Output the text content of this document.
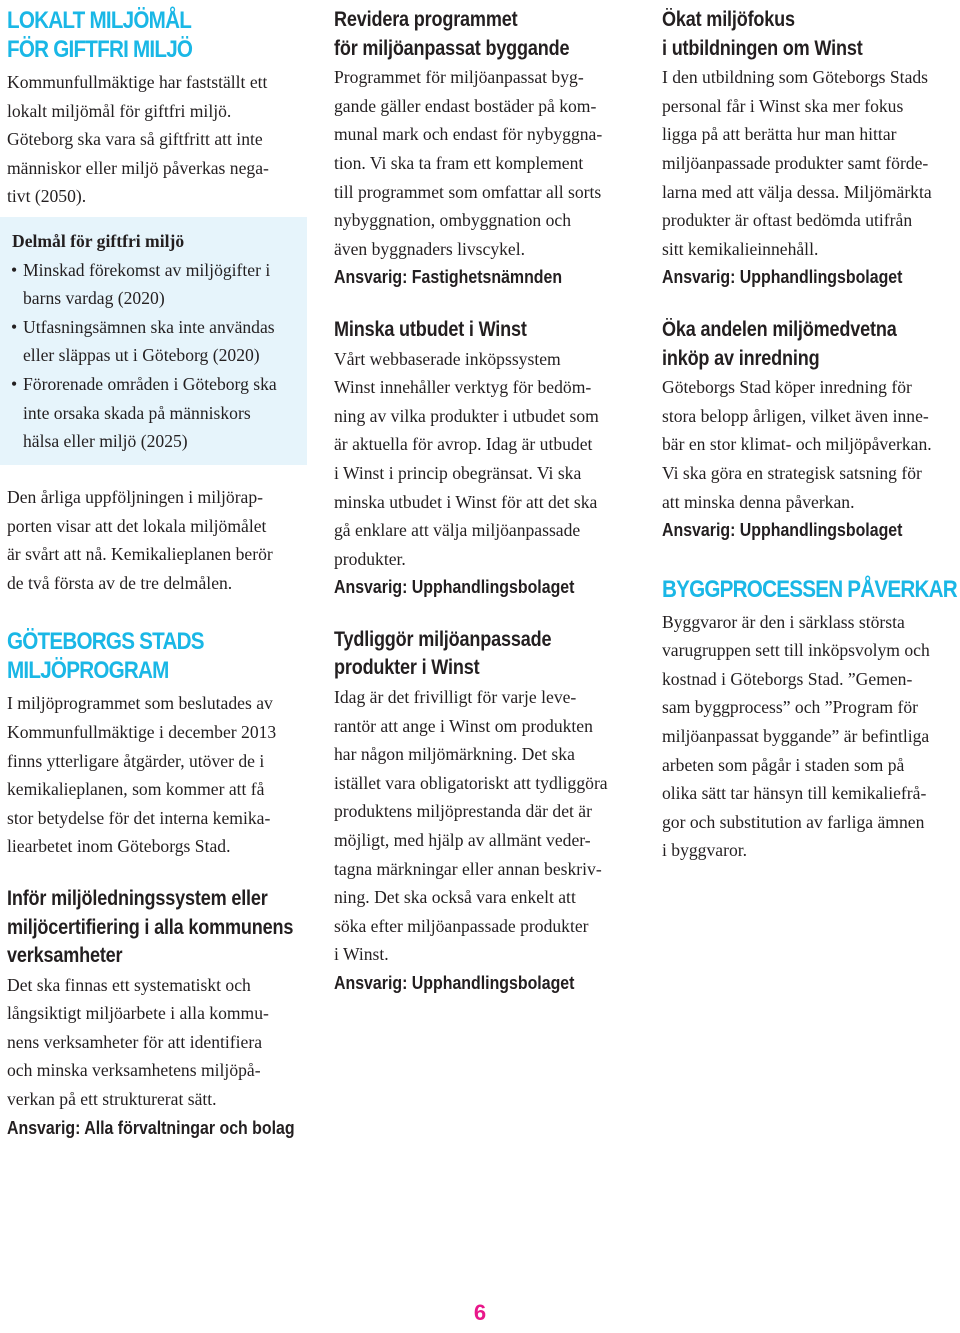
LOKALT MILJÖMÅL
FÖR GIFTFRI MILJÖ
Kommunfullmäktige har fastställt ett
lokalt miljömål för giftfri miljö.
Göteborg ska vara så giftfritt att inte
människor eller miljö påverkas nega-
tivt (2050).
Delmål för giftfri miljö
• Minskad förekomst av miljögifter i
barns vardag (2020)
• Utfasningsämnen ska inte användas
eller släppas ut i Göteborg (2020)
• Förorenade områden i Göteborg ska
inte orsaka skada på människors
hälsa eller miljö (2025)
Den årliga uppföljningen i miljörap-
porten visar att det lokala miljömålet
är svårt att nå. Kemikalieplanen berör
de två första av de tre delmålen.
GÖTEBORGS STADS MILJÖPROGRAM
I miljöprogrammet som beslutades av
Kommunfullmäktige i december 2013
finns ytterligare åtgärder, utöver de i
kemikalieplanen, som kommer att få
stor betydelse för det interna kemika-
liearbetet inom Göteborgs Stad.
Inför miljöledningssystem eller
miljöcertifiering i alla kommunens
verksamheter
Det ska finnas ett systematiskt och
långsiktigt miljöarbete i alla kommu-
nens verksamheter för att identifiera
och minska verksamhetens miljöpå-
verkan på ett strukturerat sätt.
Ansvarig: Alla förvaltningar och bolag
Revidera programmet
för miljöanpassat byggande
Programmet för miljöanpassat byg-
gande gäller endast bostäder på kom-
munal mark och endast för nybyggna-
tion. Vi ska ta fram ett komplement
till programmet som omfattar all sorts
nybyggnation, ombyggnation och
även byggnaders livscykel.
Ansvarig: Fastighetsnämnden
Minska utbudet i Winst
Vårt webbaserade inköpssystem
Winst innehåller verktyg för bedöm-
ning av vilka produkter i utbudet som
är aktuella för avrop. Idag är utbudet
i Winst i princip obegränsat. Vi ska
minska utbudet i Winst för att det ska
gå enklare att välja miljöanpassade
produkter.
Ansvarig: Upphandlingsbolaget
Tydliggör miljöanpassade
produkter i Winst
Idag är det frivilligt för varje leve-
rantör att ange i Winst om produkten
har någon miljömärkning. Det ska
istället vara obligatoriskt att tydliggöra
produktens miljöprestanda där det är
möjligt, med hjälp av allmänt veder-
tagna märkningar eller annan beskriv-
ning. Det ska också vara enkelt att
söka efter miljöanpassade produkter
i Winst.
Ansvarig: Upphandlingsbolaget
Ökat miljöfokus
i utbildningen om Winst
I den utbildning som Göteborgs Stads
personal får i Winst ska mer fokus
ligga på att berätta hur man hittar
miljöanpassade produkter samt förde-
larna med att välja dessa. Miljömärkta
produkter är oftast bedömda utifrån
sitt kemikalieinnehåll.
Ansvarig: Upphandlingsbolaget
Öka andelen miljömedvetna
inköp av inredning
Göteborgs Stad köper inredning för
stora belopp årligen, vilket även inne-
bär en stor klimat- och miljöpåverkan.
Vi ska göra en strategisk satsning för
att minska denna påverkan.
Ansvarig: Upphandlingsbolaget
BYGGPROCESSEN PÅVERKAR
Byggvaror är den i särklass största
varugruppen sett till inköpsvolym och
kostnad i Göteborgs Stad. ”Gemen-
sam byggprocess” och ”Program för
miljöanpassat byggande” är befintliga
arbeten som pågår i staden som på
olika sätt tar hänsyn till kemikaliefrå-
gor och substitution av farliga ämnen
i byggvaror.
6
